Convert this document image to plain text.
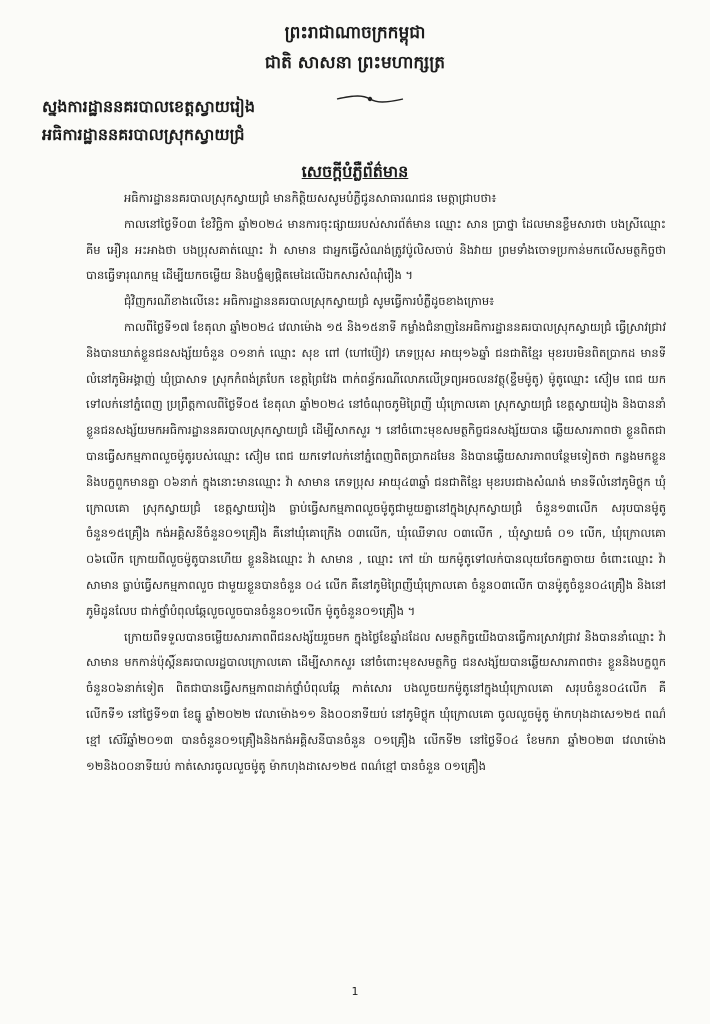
ព្រះរាជាណាចក្រកម្ពុជា
ជាតិ សាសនា ព្រះមហាក្សត្រ
ស្នងការដ្ឋាននគរបាលខេត្តស្វាយរៀង
អធិការដ្ឋាននគរបាលស្រុកស្វាយជ្រំ
សេចក្តីបំភ្លឺព័ត៌មាន

អធិការដ្ឋាននគរបាលស្រុកស្វាយជ្រំ មានកិត្តិយសសូមបំភ្លឺជូនសាធារណជន មេត្តាជ្រាបថា៖

កាលនៅថ្ងៃទី០៣ ខែវិច្ឆិកា ឆ្នាំ២០២៤ មានការចុះផ្សាយរបស់សារព័ត៌មាន ឈ្មោះ សាន ប្រាថ្នា ដែលមានខ្លឹមសារថា បងស្រីឈ្មោះ គីម អឿន អះអាងថា បងប្រុសគាត់ឈ្មោះ វ៉ា សាមាន ជាអ្នកធ្វើសំណង់ត្រូវប៉ូលិសចាប់ និងវាយ ព្រមទាំងចោទប្រកាន់មកលើសមត្ថកិច្ចថា បានធ្វើទារុណកម្ម ដើម្បីយកចម្លើយ និងបង្ខំឲ្យផ្តិតមេដៃលើឯកសារសំណុំរឿង ។

ជុំវិញករណីខាងលើនេះ អធិការដ្ឋាននគរបាលស្រុកស្វាយជ្រំ សូមធ្វើការបំភ្លឺដូចខាងក្រោម៖

កាលពីថ្ងៃទី១៧ ខែតុលា ឆ្នាំ២០២៤ វេលាម៉ោង ១៥ និង១៥នាទី កម្លាំងជំនាញនៃអធិការដ្ឋាននគរបាលស្រុកស្វាយជ្រំ ធ្វើស្រាវជ្រាវ និងបានឃាត់ខ្លួនជនសង្ស័យចំនួន ០១នាក់ ឈ្មោះ សុខ ពៅ (ហៅប៉ៀវ) ភេទប្រុស អាយុ១៦ឆ្នាំ ជនជាតិខ្មែរ មុខរបរមិនពិតប្រាកដ មានទីលំនៅភូមិអង្គាញ់ ឃុំប្រាសាទ ស្រុកកំពង់ត្របែក ខេត្តព្រៃវែង ពាក់ពន្ធ័ករណីលោភលើទ្រព្យអចលនវត្ថុ(ខ្ទឹមម៉ូតូ) ម៉ូតូឈ្មោះ ស៊ៀម ពេជ យកទៅលក់នៅភ្នំពេញ ប្រព្រឹត្តកាលពីថ្ងៃទី០៥ ខែតុលា ឆ្នាំ២០២៤ នៅចំណុចភូមិព្រៃញី ឃុំក្រោលគោ ស្រុកស្វាយជ្រំ ខេត្តស្វាយរៀង និងបាននាំខ្លួនជនសង្ស័យមកអធិការដ្ឋាននគរបាលស្រុកស្វាយជ្រំ ដើម្បីសាកសួរ ។ នៅចំពោះមុខសមត្ថកិច្ចជនសង្ស័យបាន ឆ្លើយសារភាពថា ខ្លួនពិតជាបានធ្វើសកម្មភាពលួចម៉ូតូរបស់ឈ្មោះ ស៊ៀម ពេជ យកទៅលក់នៅភ្នំពេញពិតប្រាកដមែន និងបានឆ្លើយសារភាពបន្ថែមទៀតថា កន្លងមកខ្លួន និងបក្ខពួកមានគ្នា ០៦នាក់ ក្នុងនោះមានឈ្មោះ វ៉ា សាមាន ភេទប្រុស អាយុ៤៣ឆ្នាំ ជនជាតិខ្មែរ មុខរបរជាងសំណង់ មានទីលំនៅភូមិថ្លុក ឃុំក្រោលគោ ស្រុកស្វាយជ្រំ ខេត្តស្វាយរៀង ធ្លាប់ធ្វើសកម្មភាពលួចម៉ូតូជាមួយគ្នានៅក្នុងស្រុកស្វាយជ្រំ ចំនួន១៣លើក សរុបបានម៉ូតូចំនួន១៥គ្រឿង កង់អគ្គិសនីចំនួន០១គ្រឿង គឺនៅឃុំគោក្រើង ០៣លើក, ឃុំឈើទាល ០៣លើក , ឃុំស្វាយធំ ០១ លើក, ឃុំក្រោលគោ ០៦លើក ក្រោយពីលួចម៉ូតូបានហើយ ខ្លួននិងឈ្មោះ វ៉ា សាមាន , ឈ្មោះ កៅ យ៉ា យកម៉ូតូទៅលក់បានលុយចែកគ្នាចាយ ចំពោះឈ្មោះ វ៉ា សាមាន ធ្លាប់ធ្វើសកម្មភាពលួច ជាមួយខ្លួនបានចំនួន ០៤ លើក គឺនៅភូមិព្រៃញីឃុំក្រោលគោ ចំនួន០៣លើក បានម៉ូតូចំនួន០៤គ្រឿង និងនៅភូមិដូនលែប ជាក់ថ្នាំបំពុលឆ្កែលួចលួចបានចំនួន០១លើក ម៉ូតូចំនួន០១គ្រឿង ។

ក្រោយពីទទួលបានចម្លើយសារភាពពីជនសង្ស័យរួចមក ក្នុងថ្ងៃខែឆ្នាំដដែល សមត្ថកិច្ចយើងបានធ្វើការស្រាវជ្រាវ និងបាននាំឈ្មោះ វ៉ា សាមាន មកកាន់ប៉ុស្តិ៍នគរបាលរដ្ឋបាលក្រោលគោ ដើម្បីសាកសួរ នៅចំពោះមុខសមត្ថកិច្ច ជនសង្ស័យបានឆ្លើយសារភាពថា៖ ខ្លួននិងបក្ខពួកចំនួន០៦នាក់ទៀត ពិតជាបានធ្វើសកម្មភាពដាក់ថ្នាំបំពុលឆ្កែ កាត់សោរ បងលួចយកម៉ូតូនៅក្នុងឃុំក្រោលគោ សរុបចំនួន០៤លើក គឺ លើកទី១ នៅថ្ងៃទី១៣ ខែធ្នូ ឆ្នាំ២០២២ វេលាម៉ោង១១ និង០០នាទីយប់ នៅភូមិថ្លុក ឃុំក្រោលគោ ចូលលួចម៉ូតូ ម៉ាកហុងដាសេ១២៥ ពណ៌ខ្មៅ ស៊េរីឆ្នាំ២០១៣ បានចំនួន០១គ្រឿងនិងកង់អគ្គិសនីបានចំនួន ០១គ្រឿង លើកទី២ នៅថ្ងៃទី០៤ ខែមករា ឆ្នាំ២០២៣ វេលាម៉ោង ១២និង០០នាទីយប់ កាត់សោរចូលលួចម៉ូតូ ម៉ាកហុងដាសេ១២៥ ពណ៌ខ្មៅ បានចំនួន ០១គ្រឿង

1
